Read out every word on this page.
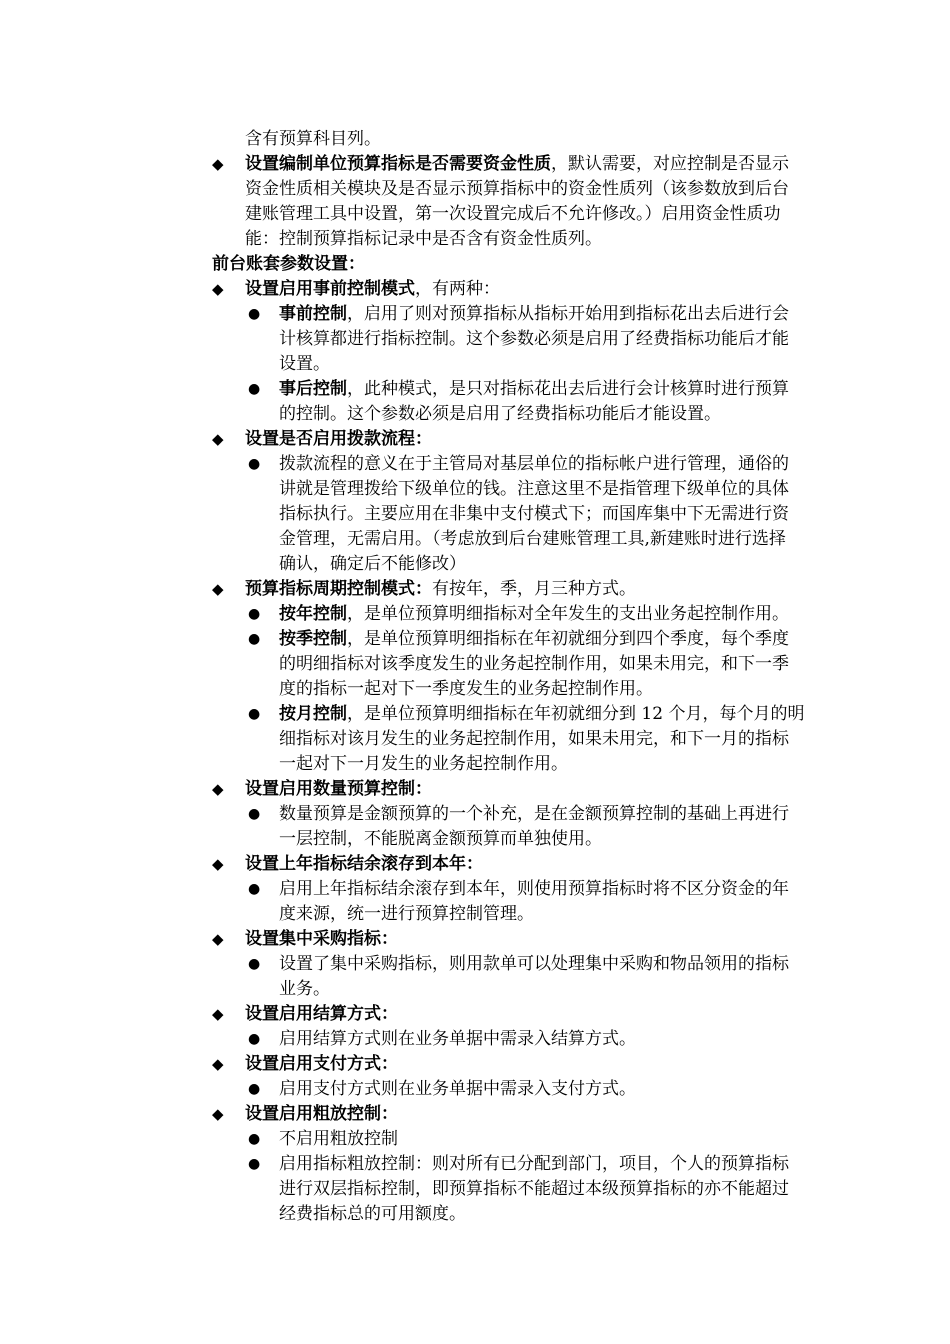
含有预算科目列。
◆ 设置编制单位预算指标是否需要资金性质，默认需要，对应控制是否显示
资金性质相关模块及是否显示预算指标中的资金性质列（该参数放到后台
建账管理工具中设置，第一次设置完成后不允许修改。）启用资金性质功
能：控制预算指标记录中是否含有资金性质列。
前台账套参数设置：
◆ 设置启用事前控制模式，有两种：
● 事前控制，启用了则对预算指标从指标开始用到指标花出去后进行会
计核算都进行指标控制。这个参数必须是启用了经费指标功能后才能
设置。
● 事后控制，此种模式，是只对指标花出去后进行会计核算时进行预算
的控制。这个参数必须是启用了经费指标功能后才能设置。
◆ 设置是否启用拨款流程：
● 拨款流程的意义在于主管局对基层单位的指标帐户进行管理，通俗的
讲就是管理拨给下级单位的钱。注意这里不是指管理下级单位的具体
指标执行。主要应用在非集中支付模式下；而国库集中下无需进行资
金管理，无需启用。（考虑放到后台建账管理工具,新建账时进行选择
确认，确定后不能修改）
◆ 预算指标周期控制模式：有按年，季，月三种方式。
● 按年控制，是单位预算明细指标对全年发生的支出业务起控制作用。
● 按季控制，是单位预算明细指标在年初就细分到四个季度，每个季度
的明细指标对该季度发生的业务起控制作用，如果未用完，和下一季
度的指标一起对下一季度发生的业务起控制作用。
● 按月控制，是单位预算明细指标在年初就细分到 12 个月，每个月的明
细指标对该月发生的业务起控制作用，如果未用完，和下一月的指标
一起对下一月发生的业务起控制作用。
◆ 设置启用数量预算控制：
● 数量预算是金额预算的一个补充，是在金额预算控制的基础上再进行
一层控制，不能脱离金额预算而单独使用。
◆ 设置上年指标结余滚存到本年：
● 启用上年指标结余滚存到本年，则使用预算指标时将不区分资金的年
度来源，统一进行预算控制管理。
◆ 设置集中采购指标：
● 设置了集中采购指标，则用款单可以处理集中采购和物品领用的指标
业务。
◆ 设置启用结算方式：
● 启用结算方式则在业务单据中需录入结算方式。
◆ 设置启用支付方式：
● 启用支付方式则在业务单据中需录入支付方式。
◆ 设置启用粗放控制：
● 不启用粗放控制
● 启用指标粗放控制：则对所有已分配到部门，项目，个人的预算指标
进行双层指标控制，即预算指标不能超过本级预算指标的亦不能超过
经费指标总的可用额度。
